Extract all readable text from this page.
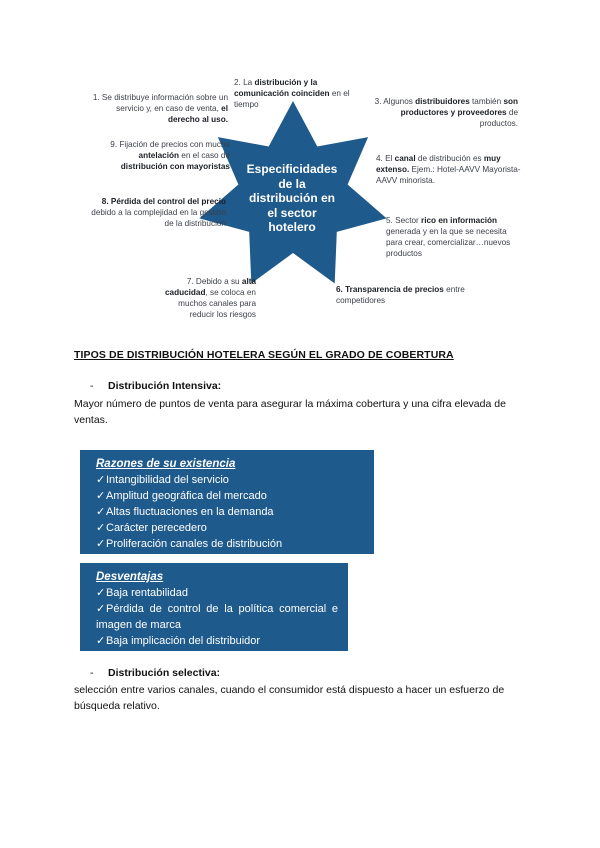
Especificidades
de la
distribución en
el sector
hotelero
1. Se distribuye información sobre un servicio y, en caso de venta, el derecho al uso.
2. La distribución y la comunicación coinciden en el tiempo	3. Algunos distribuidores también son productores y proveedores de productos.
4. El canal de distribución es muy extenso. Ejem.: Hotel-AAVV Mayorista-AAVV minorista.
5. Sector rico en información generada y en la que se necesita para crear, comercializar…nuevos productos
6. Transparencia de precios entre competidores
7. Debido a su alta caducidad, se coloca en muchos canales para reducir los riesgos
8. Pérdida del control del precio debido a la complejidad en la gestión de la distribución
9. Fijación de precios con mucha antelación en el caso de distribución con mayoristas
TIPOS DE DISTRIBUCIÓN HOTELERA SEGÚN EL GRADO DE COBERTURA
- Distribución Intensiva:
Mayor número de puntos de venta para asegurar la máxima cobertura y una cifra elevada de ventas.
Razones de su existencia
✓Intangibilidad del servicio
✓Amplitud geográfica del mercado
✓Altas fluctuaciones en la demanda
✓Carácter perecedero
✓Proliferación canales de distribución
Desventajas
✓Baja rentabilidad
✓Pérdida de control de la política comercial e imagen de marca
✓Baja implicación del distribuidor
- Distribución selectiva:
selección entre varios canales, cuando el consumidor está dispuesto a hacer un esfuerzo de búsqueda relativo.
